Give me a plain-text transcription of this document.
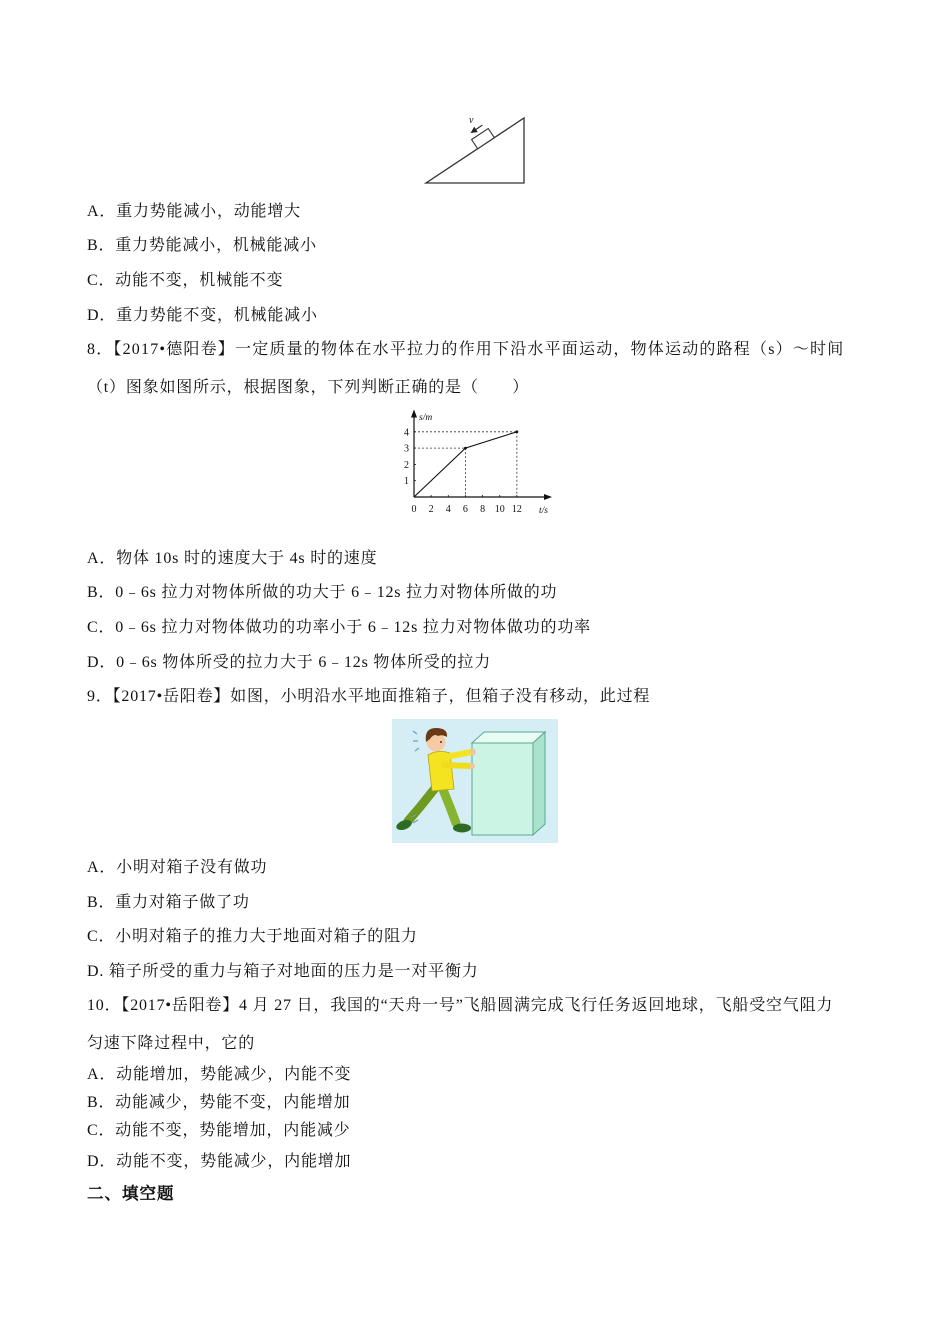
v
A．重力势能减小，动能增大
B．重力势能减小，机械能减小
C．动能不变，机械能不变
D．重力势能不变，机械能减小
8．【2017•德阳卷】一定质量的物体在水平拉力的作用下沿水平面运动，物体运动的路程（s）～时间
（t）图象如图所示，根据图象，下列判断正确的是（　　）
0 2 4 6 8 10 12
1
2
3
4
s/m
t/s
A．物体 10s 时的速度大于 4s 时的速度
B．0﹣6s 拉力对物体所做的功大于 6﹣12s 拉力对物体所做的功
C．0﹣6s 拉力对物体做功的功率小于 6﹣12s 拉力对物体做功的功率
D．0﹣6s 物体所受的拉力大于 6﹣12s 物体所受的拉力
9．【2017•岳阳卷】如图，小明沿水平地面推箱子，但箱子没有移动，此过程
A．小明对箱子没有做功
B．重力对箱子做了功
C．小明对箱子的推力大于地面对箱子的阻力
D. 箱子所受的重力与箱子对地面的压力是一对平衡力
10．【2017•岳阳卷】4 月 27 日，我国的“天舟一号”飞船圆满完成飞行任务返回地球，飞船受空气阻力
匀速下降过程中，它的
A．动能增加，势能减少，内能不变
B．动能减少，势能不变，内能增加
C．动能不变，势能增加，内能减少
D．动能不变，势能减少，内能增加
二、填空题
